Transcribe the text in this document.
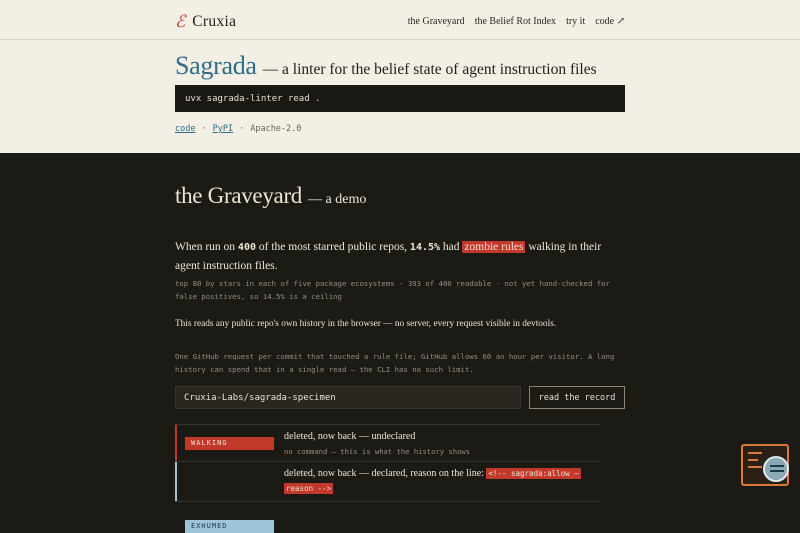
ℰ Cruxia	the Graveyard the Belief Rot Index try it code ↗
Sagrada — a linter for the belief state of agent instruction files
uvx sagrada-linter read .
code · PyPI · Apache-2.0
the Graveyard — a demo

When run on 400 of the most starred public repos, 14.5% had zombie rules walking in their agent instruction files.

top 80 by stars in each of five package ecosystems · 393 of 400 readable · not yet hand-checked for false positives, so 14.5% is a ceiling

This reads any public repo's own history in the browser — no server, every request visible in devtools.

One GitHub request per commit that touched a rule file; GitHub allows 60 an hour per visitor. A long history can spend that in a single read — the CLI has no such limit.

Cruxia-Labs/sagrada-specimen
read the record
WALKING
deleted, now back — undeclared
no command — this is what the history shows
EXHUMED
deleted, now back — declared, reason on the line: <!-- sagrada:allow —
reason -->
